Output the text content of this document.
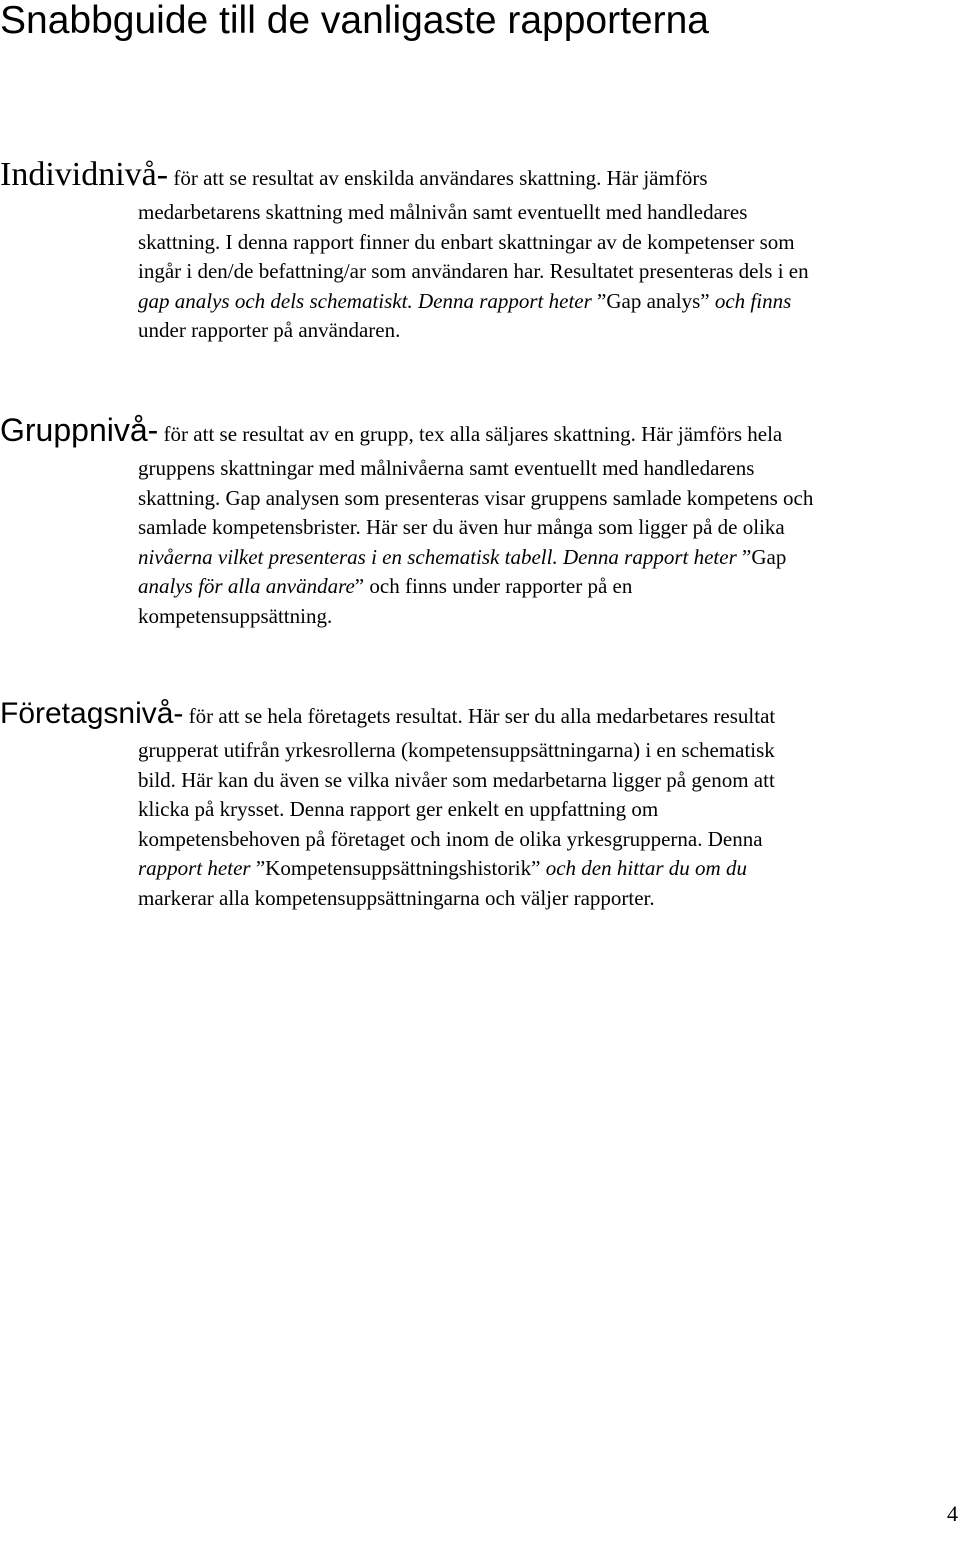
Snabbguide till de vanligaste rapporterna
Individnivå- för att se resultat av enskilda användares skattning. Här jämförs
medarbetarens skattning med målnivån samt eventuellt med handledares
skattning. I denna rapport finner du enbart skattningar av de kompetenser som
ingår i den/de befattning/ar som användaren har. Resultatet presenteras dels i en
gap analys och dels schematiskt. Denna rapport heter ”Gap analys” och finns
under rapporter på användaren.
Gruppnivå- för att se resultat av en grupp, tex alla säljares skattning. Här jämförs hela
gruppens skattningar med målnivåerna samt eventuellt med handledarens
skattning. Gap analysen som presenteras visar gruppens samlade kompetens och
samlade kompetensbrister. Här ser du även hur många som ligger på de olika
nivåerna vilket presenteras i en schematisk tabell. Denna rapport heter ”Gap
analys för alla användare” och finns under rapporter på en
kompetensuppsättning.
Företagsnivå- för att se hela företagets resultat. Här ser du alla medarbetares resultat
grupperat utifrån yrkesrollerna (kompetensuppsättningarna) i en schematisk
bild. Här kan du även se vilka nivåer som medarbetarna ligger på genom att
klicka på krysset. Denna rapport ger enkelt en uppfattning om
kompetensbehoven på företaget och inom de olika yrkesgrupperna. Denna
rapport heter ”Kompetensuppsättningshistorik” och den hittar du om du
markerar alla kompetensuppsättningarna och väljer rapporter.
4
